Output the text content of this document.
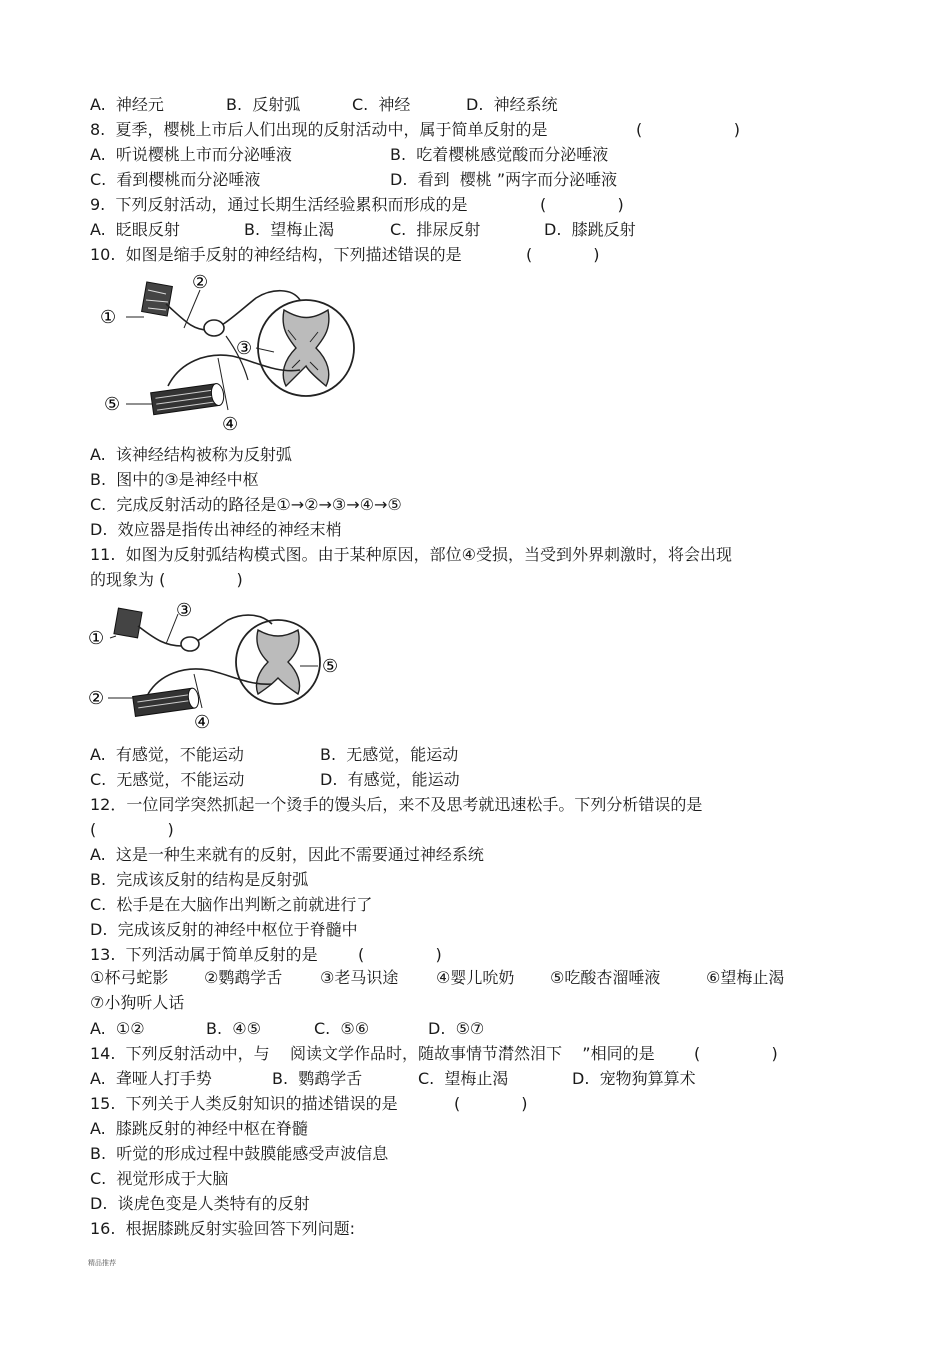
A.  神经元	B.  反射弧	C.  神经	D.  神经系统
8.  夏季，樱桃上市后人们出现的反射活动中，属于简单反射的是	(                  )
A.  听说樱桃上市而分泌唾液	B.  吃着樱桃感觉酸而分泌唾液
C.  看到樱桃而分泌唾液	D.  看到  樱桃 ”两字而分泌唾液
9.  下列反射活动，通过长期生活经验累积而形成的是	(              )
A.  眨眼反射	B.  望梅止渴	C.  排尿反射	D.  膝跳反射
10.  如图是缩手反射的神经结构，下列描述错误的是	(            )
①
②
③
⑤
④
A.  该神经结构被称为反射弧
B.  图中的③是神经中枢
C.  完成反射活动的路径是①→②→③→④→⑤
D.  效应器是指传出神经的神经末梢
11.  如图为反射弧结构模式图。由于某种原因，部位④受损，当受到外界刺激时，将会出现
的现象为 (              )
①
③
⑤
②
④
A.  有感觉，不能运动	B.  无感觉，能运动
C.  无感觉，不能运动	D.  有感觉，能运动
12．一位同学突然抓起一个烫手的馒头后，来不及思考就迅速松手。下列分析错误的是
(              )
A.  这是一种生来就有的反射，因此不需要通过神经系统
B.  完成该反射的结构是反射弧
C.  松手是在大脑作出判断之前就进行了
D.  完成该反射的神经中枢位于脊髓中
13.  下列活动属于简单反射的是	(              )
①杯弓蛇影 ②鹦鹉学舌 ③老马识途 ④婴儿吮奶 ⑤吃酸杏溜唾液	⑥望梅止渴
⑦小狗听人话
A.  ①②	B.  ④⑤	C.  ⑤⑥	D.  ⑤⑦
14.  下列反射活动中，与    阅读文学作品时，随故事情节潸然泪下    ”相同的是 (              )
A.  聋哑人打手势	B.  鹦鹉学舌	C.  望梅止渴	D.  宠物狗算算术
15.  下列关于人类反射知识的描述错误的是	(            )
A.  膝跳反射的神经中枢在脊髓
B.  听觉的形成过程中鼓膜能感受声波信息
C.  视觉形成于大脑
D.  谈虎色变是人类特有的反射
16.  根据膝跳反射实验回答下列问题:
精品推荐
